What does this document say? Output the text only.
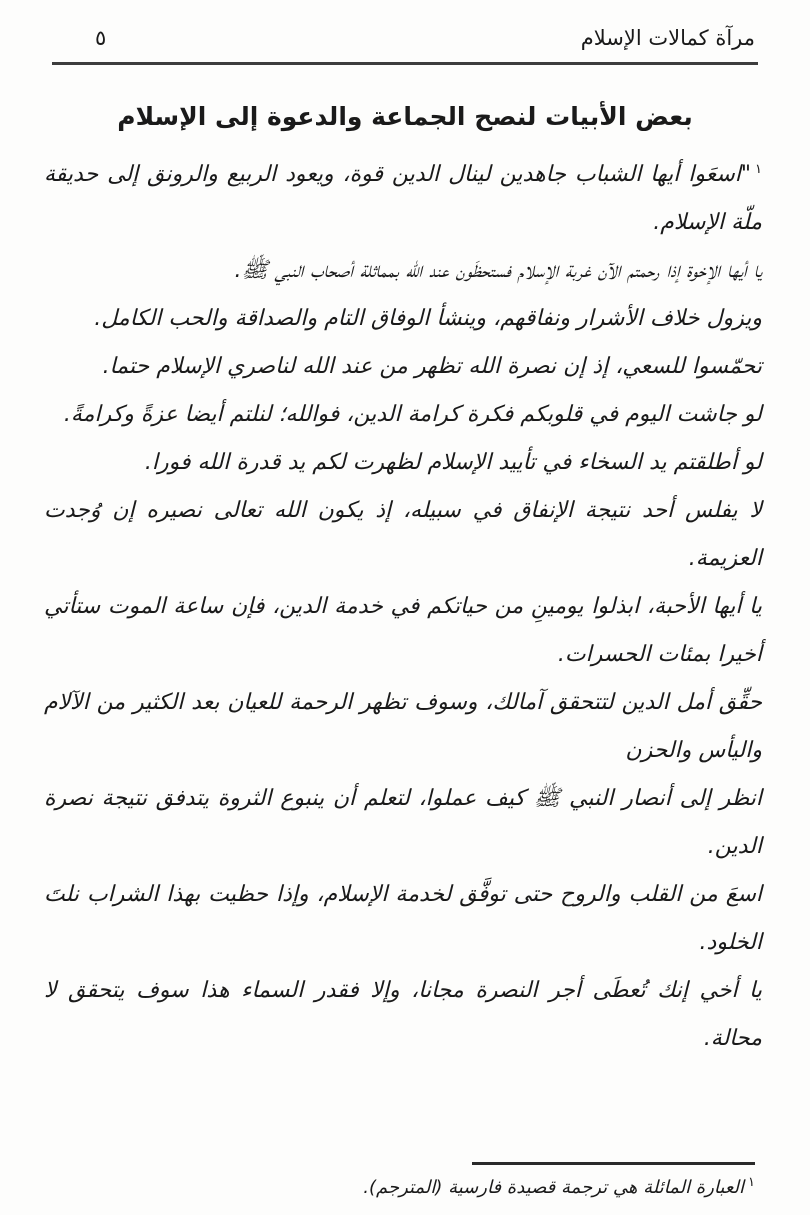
مرآة كمالات الإسلام
٥
بعض الأبيات لنصح الجماعة والدعوة إلى الإسلام

$^١$"اسعَوا أيها الشباب جاهدين لينال الدين قوة، ويعود الربيع والرونق إلى حديقة ملّة الإسلام.

يا أيها الإخوة إذا رحمتم الآن غربة الإسلام فستحظَون عند الله بمماثلة أصحاب النبي ﷺ.

ويزول خلاف الأشرار ونفاقهم، وينشأ الوفاق التام والصداقة والحب الكامل.

تحمّسوا للسعي، إذ إن نصرة الله تظهر من عند الله لناصري الإسلام حتما.

لو جاشت اليوم في قلوبكم فكرة كرامة الدين، فوالله؛ لنلتم أيضا عزةً وكرامةً.

لو أطلقتم يد السخاء في تأييد الإسلام لظهرت لكم يد قدرة الله فورا.

لا يفلس أحد نتيجة الإنفاق في سبيله، إذ يكون الله تعالى نصيره إن وُجدت العزيمة.

يا أيها الأحبة، ابذلوا يومينِ من حياتكم في خدمة الدين، فإن ساعة الموت ستأتي أخيرا بمئات الحسرات.

حقِّق أمل الدين لتتحقق آمالك، وسوف تظهر الرحمة للعيان بعد الكثير من الآلام واليأس والحزن

انظر إلى أنصار النبي ﷺ كيف عملوا، لتعلم أن ينبوع الثروة يتدفق نتيجة نصرة الدين.

اسعَ من القلب والروح حتى توفَّق لخدمة الإسلام، وإذا حظيت بهذا الشراب نلتَ الخلود.

يا أخي إنك تُعطَى أجر النصرة مجانا، وإلا فقدر السماء هذا سوف يتحقق لا محالة.

$^١$العبارة المائلة هي ترجمة قصيدة فارسية (المترجم).
